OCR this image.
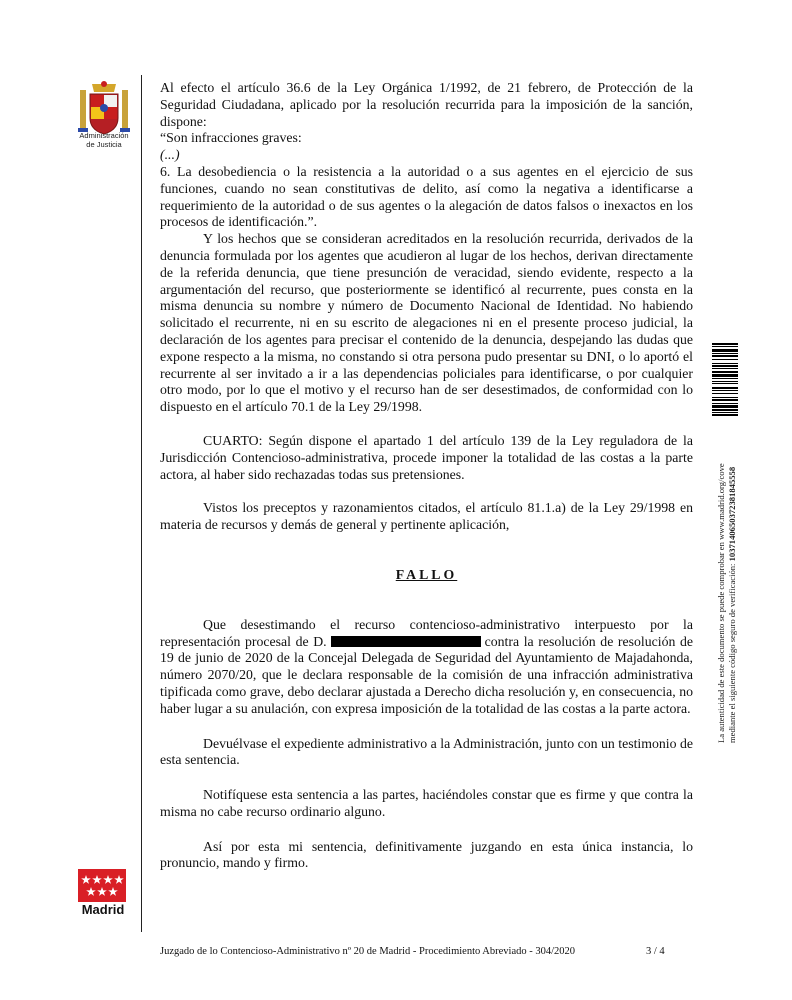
Administración
de Justicia
Madrid

Al efecto el artículo 36.6 de la Ley Orgánica 1/1992, de 21 febrero, de Protección de la Seguridad Ciudadana, aplicado por la resolución recurrida para la imposición de la sanción, dispone:

“Son infracciones graves:

(...)

6. La desobediencia o la resistencia a la autoridad o a sus agentes en el ejercicio de sus funciones, cuando no sean constitutivas de delito, así como la negativa a identificarse a requerimiento de la autoridad o de sus agentes o la alegación de datos falsos o inexactos en los procesos de identificación.”.

Y los hechos que se consideran acreditados en la resolución recurrida, derivados de la denuncia formulada por los agentes que acudieron al lugar de los hechos, derivan directamente de la referida denuncia, que tiene presunción de veracidad, siendo evidente, respecto a la argumentación del recurso, que posteriormente se identificó al recurrente, pues consta en la misma denuncia su nombre y número de Documento Nacional de Identidad. No habiendo solicitado el recurrente, ni en su escrito de alegaciones ni en el presente proceso judicial, la declaración de los agentes para precisar el contenido de la denuncia, despejando las dudas que expone respecto a la misma, no constando si otra persona pudo presentar su DNI, o lo aportó el recurrente al ser invitado a ir a las dependencias policiales para identificarse, o por cualquier otro modo, por lo que el motivo y el recurso han de ser desestimados, de conformidad con lo dispuesto en el artículo 70.1 de la Ley 29/1998.

CUARTO: Según dispone el apartado 1 del artículo 139 de la Ley reguladora de la Jurisdicción Contencioso-administrativa, procede imponer la totalidad de las costas a la parte actora, al haber sido rechazadas todas sus pretensiones.

Vistos los preceptos y razonamientos citados, el artículo 81.1.a) de la Ley 29/1998 en materia de recursos y demás de general y pertinente aplicación,

FALLO

Que desestimando el recurso contencioso-administrativo interpuesto por la representación procesal de D.	contra la resolución de resolución de 19 de junio de 2020 de la Concejal Delegada de Seguridad del Ayuntamiento de Majadahonda, número 2070/20, que le declara responsable de la comisión de una infracción administrativa tipificada como grave, debo declarar ajustada a Derecho dicha resolución y, en consecuencia, no haber lugar a su anulación, con expresa imposición de la totalidad de las costas a la parte actora.

Devuélvase el expediente administrativo a la Administración, junto con un testimonio de esta sentencia.

Notifíquese esta sentencia a las partes, haciéndoles constar que es firme y que contra la misma no cabe recurso ordinario alguno.

Así por esta mi sentencia, definitivamente juzgando en esta única instancia, lo pronuncio, mando y firmo.

Juzgado de lo Contencioso-Administrativo nº 20 de Madrid - Procedimiento Abreviado - 304/2020	3 / 4
La autenticidad de este documento se puede comprobar en www.madrid.org/cove mediante el siguiente código seguro de verificación: 1037140650372381845558
